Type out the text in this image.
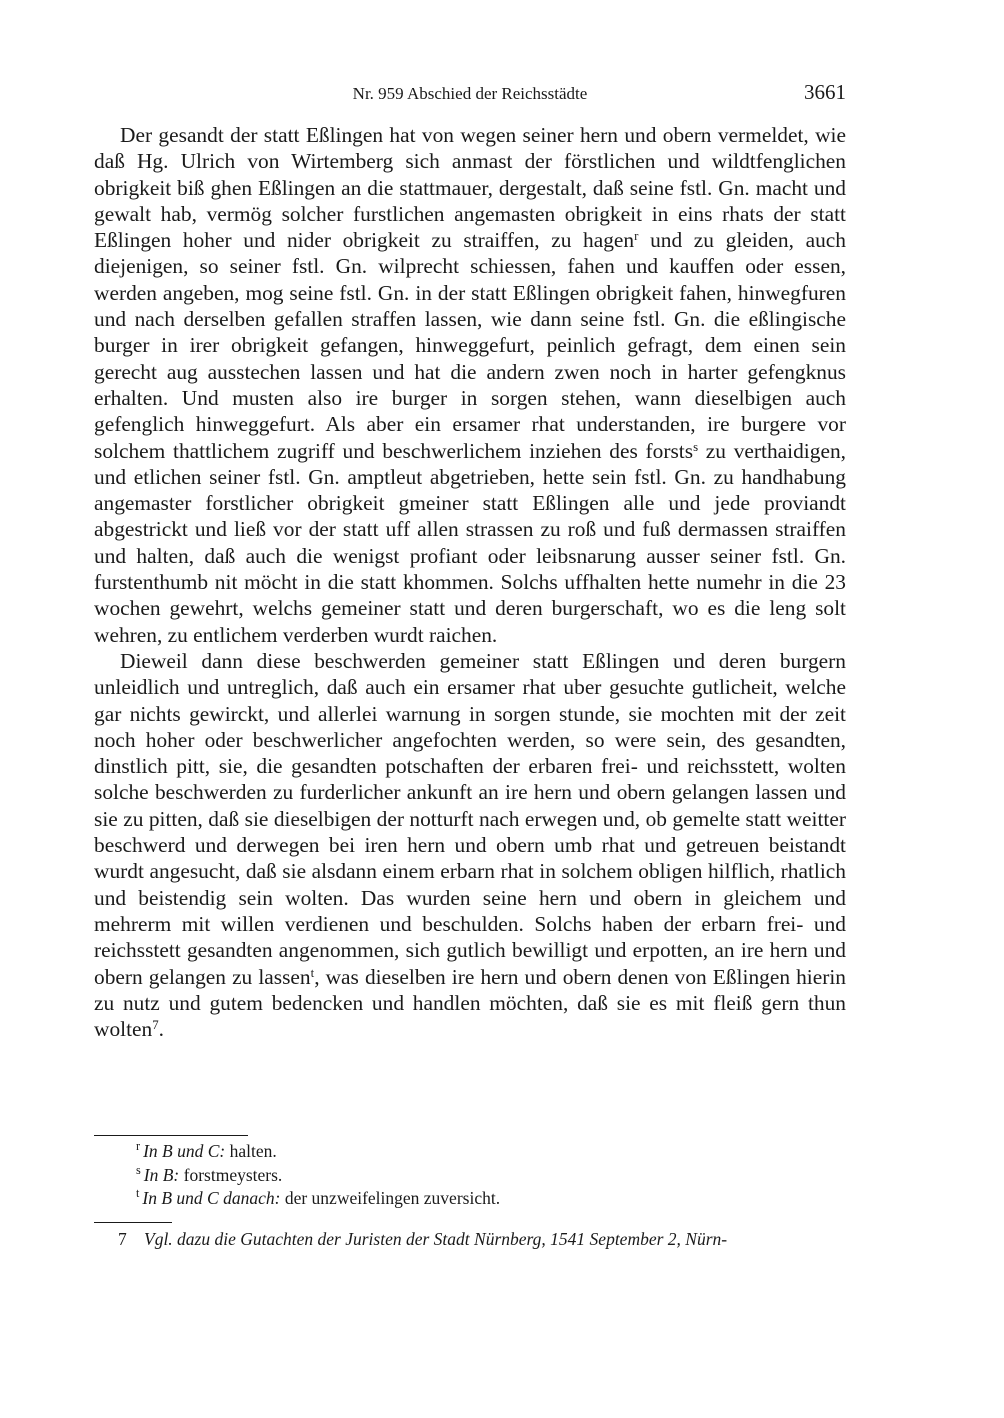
Nr. 959 Abschied der Reichsstädte	3661

Der gesandt der statt Eßlingen hat von wegen seiner hern und obern vermeldet, wie daß Hg. Ulrich von Wirtemberg sich anmast der förstlichen und wildtfenglichen obrigkeit biß ghen Eßlingen an die stattmauer, dergestalt, daß seine fstl. Gn. macht und gewalt hab, vermög solcher furstlichen angemasten obrigkeit in eins rhats der statt Eßlingen hoher und nider obrigkeit zu straiffen, zu hagen$^r$ und zu gleiden, auch diejenigen, so seiner fstl. Gn. wilprecht schiessen, fahen und kauffen oder essen, werden angeben, mog seine fstl. Gn. in der statt Eßlingen obrigkeit fahen, hinwegfuren und nach derselben gefallen straffen lassen, wie dann seine fstl. Gn. die eßlingische burger in irer obrigkeit gefangen, hinweggefurt, peinlich gefragt, dem einen sein gerecht aug ausstechen lassen und hat die andern zwen noch in harter gefengknus erhalten. Und musten also ire burger in sorgen stehen, wann dieselbigen auch gefenglich hinweggefurt. Als aber ein ersamer rhat understanden, ire burgere vor solchem thattlichem zugriff und beschwerlichem inziehen des forsts$^s$ zu verthaidigen, und etlichen seiner fstl. Gn. amptleut abgetrieben, hette sein fstl. Gn. zu handhabung angemaster forstlicher obrigkeit gmeiner statt Eßlingen alle und jede proviandt abgestrickt und ließ vor der statt uff allen strassen zu roß und fuß dermassen straiffen und halten, daß auch die wenigst profiant oder leibsnarung ausser seiner fstl. Gn. furstenthumb nit möcht in die statt khommen. Solchs uffhalten hette numehr in die 23 wochen gewehrt, welchs gemeiner statt und deren burgerschaft, wo es die leng solt wehren, zu entlichem verderben wurdt raichen.

Dieweil dann diese beschwerden gemeiner statt Eßlingen und deren burgern unleidlich und untreglich, daß auch ein ersamer rhat uber gesuchte gutlicheit, welche gar nichts gewirckt, und allerlei warnung in sorgen stunde, sie mochten mit der zeit noch hoher oder beschwerlicher angefochten werden, so were sein, des gesandten, dinstlich pitt, sie, die gesandten potschaften der erbaren frei- und reichsstett, wolten solche beschwerden zu furderlicher ankunft an ire hern und obern gelangen lassen und sie zu pitten, daß sie dieselbigen der notturft nach erwegen und, ob gemelte statt weitter beschwerd und derwegen bei iren hern und obern umb rhat und getreuen beistandt wurdt angesucht, daß sie alsdann einem erbarn rhat in solchem obligen hilflich, rhatlich und beistendig sein wolten. Das wurden seine hern und obern in gleichem und mehrerm mit willen verdienen und beschulden. Solchs haben der erbarn frei- und reichsstett gesandten angenommen, sich gutlich bewilligt und erpotten, an ire hern und obern gelangen zu lassen$^t$, was dieselben ire hern und obern denen von Eßlingen hierin zu nutz und gutem bedencken und handlen möchten, daß sie es mit fleiß gern thun wolten$^7$.

$^r$ In B und C: halten.
$^s$ In B: forstmeysters.
$^t$ In B und C danach: der unzweifelingen zuversicht.
7 Vgl. dazu die Gutachten der Juristen der Stadt Nürnberg, 1541 September 2, Nürn-
